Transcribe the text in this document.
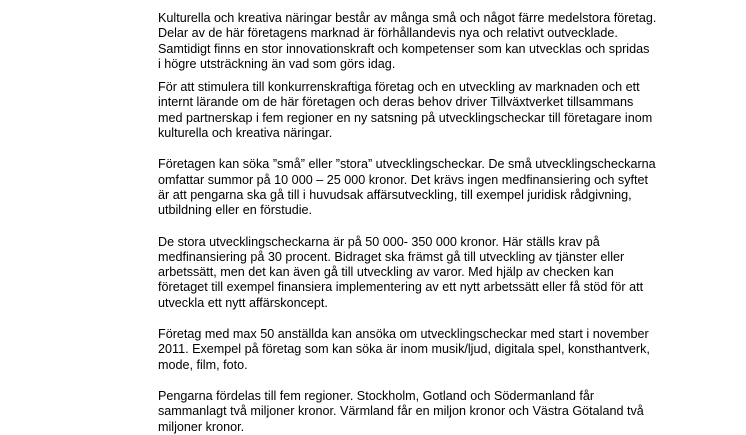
Kulturella och kreativa näringar består av många små och något färre medelstora företag.
Delar av de här företagens marknad är förhållandevis nya och relativt outvecklade.
Samtidigt finns en stor innovationskraft och kompetenser som kan utvecklas och spridas
i högre utsträckning än vad som görs idag.

För att stimulera till konkurrenskraftiga företag och en utveckling av marknaden och ett
internt lärande om de här företagen och deras behov driver Tillväxtverket tillsammans
med partnerskap i fem regioner en ny satsning på utvecklingscheckar till företagare inom
kulturella och kreativa näringar.

Företagen kan söka ”små” eller ”stora” utvecklingscheckar. De små utvecklingscheckarna
omfattar summor på 10 000 – 25 000 kronor. Det krävs ingen medfinansiering och syftet
är att pengarna ska gå till i huvudsak affärsutveckling, till exempel juridisk rådgivning,
utbildning eller en förstudie.

De stora utvecklingscheckarna är på 50 000- 350 000 kronor. Här ställs krav på
medfinansiering på 30 procent. Bidraget ska främst gå till utveckling av tjänster eller
arbetssätt, men det kan även gå till utveckling av varor. Med hjälp av checken kan
företaget till exempel finansiera implementering av ett nytt arbetssätt eller få stöd för att
utveckla ett nytt affärskoncept.

Företag med max 50 anställda kan ansöka om utvecklingscheckar med start i november
2011. Exempel på företag som kan söka är inom musik/ljud, digitala spel, konsthantverk,
mode, film, foto.

Pengarna fördelas till fem regioner. Stockholm, Gotland och Södermanland får
sammanlagt två miljoner kronor. Värmland får en miljon kronor och Västra Götaland två
miljoner kronor.
